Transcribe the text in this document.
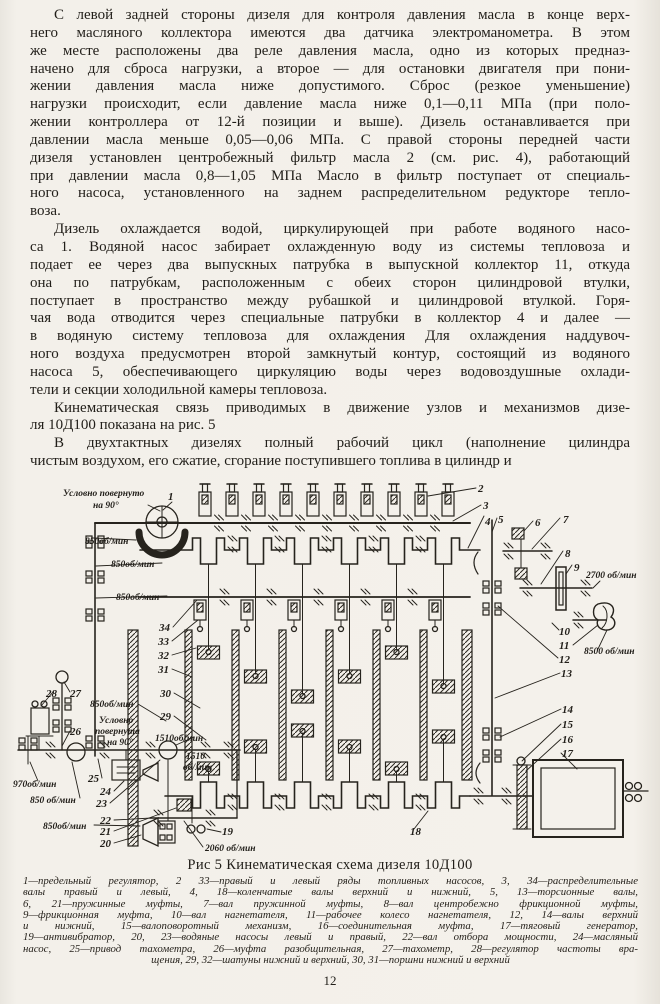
С левой задней стороны дизеля для контроля давления масла в конце верх-
него масляного коллектора имеются два датчика электроманометра. В этом
же месте расположены два реле давления масла, одно из которых предназ-
начено для сброса нагрузки, а второе — для остановки двигателя при пони-
жении давления масла ниже допустимого. Сброс (резкое уменьшение)
нагрузки происходит, если давление масла ниже 0,1—0,11 МПа (при поло-
жении контроллера от 12-й позиции и выше). Дизель останавливается при
давлении масла меньше 0,05—0,06 МПа. С правой стороны передней части
дизеля установлен центробежный фильтр масла 2 (см. рис. 4), работающий
при давлении масла 0,8—1,05 МПа Масло в фильтр поступает от специаль-
ного насоса, установленного на заднем распределительном редукторе тепло-
воза.
Дизель охлаждается водой, циркулирующей при работе водяного насо-
са 1. Водяной насос забирает охлажденную воду из системы тепловоза и
подает ее через два выпускных патрубка в выпускной коллектор 11, откуда
она по патрубкам, расположенным с обеих сторон цилиндровой втулки,
поступает в пространство между рубашкой и цилиндровой втулкой. Горя-
чая вода отводится через специальные патрубки в коллектор 4 и далее —
в водяную систему тепловоза для охлаждения Для охлаждения наддувоч-
ного воздуха предусмотрен второй замкнутый контур, состоящий из водяного
насоса 5, обеспечивающего циркуляцию воды через водовоздушные охлади-
тели и секции холодильной камеры тепловоза.
Кинематическая связь приводимых в движение узлов и механизмов дизе-
ля 10Д100 показана на рис. 5
В двухтактных дизелях полный рабочий цикл (наполнение цилиндра
чистым воздухом, его сжатие, сгорание поступившего топлива в цилиндр и
1
2
3
4 5	6 7
8
9
10
11
12
13
14
15
16
17
18
19
20
21
22
23
24
25
26
27
28
29
30
31
32
33
34
850об/мин
850об/мин
850об/мин
2700 об/мин
8500 об/мин
850об/мин
970об/мин
850 об/мин
850об/мин
1510об/мин
1510
об/мин
2060 об/мин
Условно повернуто
на 90°
Условно
повернута
на 90°
Рис 5 Кинематическая схема дизеля 10Д100
1—предельный регулятор, 2 33—правый и левый ряды топливных насосов, 3, 34—распределительные
валы правый и левый, 4, 18—коленчатые валы верхний и нижний, 5, 13—торсионные валы,
6, 21—пружинные муфты, 7—вал пружинной муфты, 8—вал центробежно фрикционной муфты,
9—фрикционная муфта, 10—вал нагнетателя, 11—рабочее колесо нагнетателя, 12, 14—валы верхний
и нижний, 15—валоповоротный механизм, 16—соединительная муфта, 17—тяговый генератор,
19—антивибратор, 20, 23—водяные насосы левый и правый, 22—вал отбора мощности, 24—масляный
насос, 25—привод тахометра, 26—муфта разобщительная, 27—тахометр, 28—регулятор частоты вра-
щения, 29, 32—шатуны нижний и верхний, 30, 31—поршни нижний и верхний
12
